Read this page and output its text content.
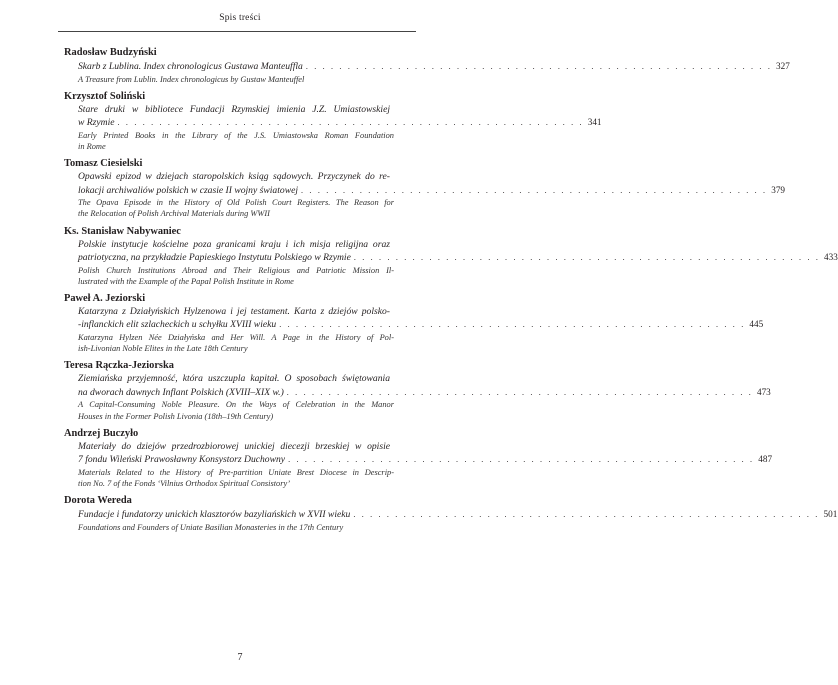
Spis treści
Radosław Budzyński
Skarb z Lublina. Index chronologicus Gustawa Manteuffla . . . . . . . . . . . . . . . . . . . . . . . . . . . . . . . . . . . . . . . . . . . . . . . . . . . . . . . . 327
A Treasure from Lublin. Index chronologicus by Gustaw Manteuffel
Krzysztof Soliński
Stare druki w bibliotece Fundacji Rzymskiej imienia J.Z. Umiastowskiej
w Rzymie . . . . . . . . . . . . . . . . . . . . . . . . . . . . . . . . . . . . . . . . . . . . . . . . . . . . . . . . 341
Early Printed Books in the Library of the J.S. Umiastowska Roman Foundation
in Rome
Tomasz Ciesielski
Opawski epizod w dziejach staropolskich ksiąg sądowych. Przyczynek do re-
lokacji archiwaliów polskich w czasie II wojny światowej . . . . . . . . . . . . . . . . . . . . . . . . . . . . . . . . . . . . . . . . . . . . . . . . . . . . . . . . 379
The Opava Episode in the History of Old Polish Court Registers. The Reason for
the Relocation of Polish Archival Materials during WWII
Ks. Stanisław Nabywaniec
Polskie instytucje kościelne poza granicami kraju i ich misja religijna oraz
patriotyczna, na przykładzie Papieskiego Instytutu Polskiego w Rzymie . . . . . . . . . . . . . . . . . . . . . . . . . . . . . . . . . . . . . . . . . . . . . . . . . . . . . . . . 433
Polish Church Institutions Abroad and Their Religious and Patriotic Mission Il-
lustrated with the Example of the Papal Polish Institute in Rome
Paweł A. Jeziorski
Katarzyna z Działyńskich Hylzenowa i jej testament. Karta z dziejów polsko-
-inflanckich elit szlacheckich u schyłku XVIII wieku . . . . . . . . . . . . . . . . . . . . . . . . . . . . . . . . . . . . . . . . . . . . . . . . . . . . . . . . 445
Katarzyna Hylzen Née Działyńska and Her Will. A Page in the History of Pol-
ish-Livonian Noble Elites in the Late 18th Century
Teresa Rączka-Jeziorska
Ziemiańska przyjemność, która uszczupla kapitał. O sposobach świętowania
na dworach dawnych Inflant Polskich (XVIII–XIX w.) . . . . . . . . . . . . . . . . . . . . . . . . . . . . . . . . . . . . . . . . . . . . . . . . . . . . . . . . 473
A Capital-Consuming Noble Pleasure. On the Ways of Celebration in the Manor
Houses in the Former Polish Livonia (18th–19th Century)
Andrzej Buczyło
Materiały do dziejów przedrozbiorowej unickiej diecezji brzeskiej w opisie
7 fondu Wileński Prawosławny Konsystorz Duchowny . . . . . . . . . . . . . . . . . . . . . . . . . . . . . . . . . . . . . . . . . . . . . . . . . . . . . . . . 487
Materials Related to the History of Pre-partition Uniate Brest Diocese in Descrip-
tion No. 7 of the Fonds ‘Vilnius Orthodox Spiritual Consistory’
Dorota Wereda
Fundacje i fundatorzy unickich klasztorów bazyliańskich w XVII wieku . . . . . . . . . . . . . . . . . . . . . . . . . . . . . . . . . . . . . . . . . . . . . . . . . . . . . . . . 501
Foundations and Founders of Uniate Basilian Monasteries in the 17th Century
7
